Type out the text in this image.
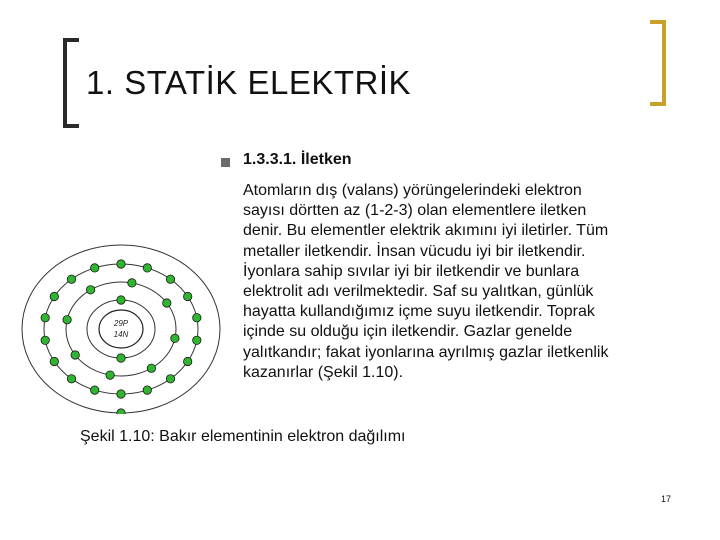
1. STATİK ELEKTRİK
29P
14N
1.3.3.1. İletken
Atomların dış (valans) yörüngelerindeki elektron
sayısı dörtten az (1-2-3) olan elementlere iletken
denir. Bu elementler elektrik akımını iyi iletirler. Tüm
metaller iletkendir. İnsan vücudu iyi bir iletkendir.
İyonlara sahip sıvılar iyi bir iletkendir ve bunlara
elektrolit adı verilmektedir. Saf su yalıtkan, günlük
hayatta kullandığımız içme suyu iletkendir. Toprak
içinde su olduğu için iletkendir. Gazlar genelde
yalıtkandır; fakat iyonlarına ayrılmış gazlar iletkenlik
kazanırlar (Şekil 1.10).
Şekil 1.10: Bakır elementinin elektron dağılımı
17
